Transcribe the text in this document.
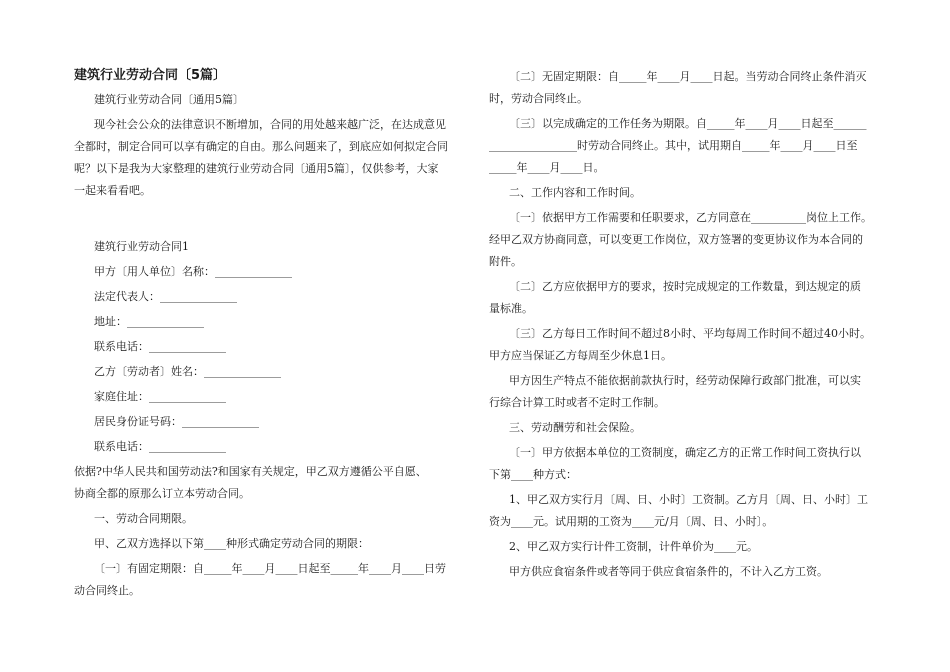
建筑行业劳动合同〔5篇〕
建筑行业劳动合同〔通用5篇〕
现今社会公众的法律意识不断增加，合同的用处越来越广泛，在达成意见
全都时，制定合同可以享有确定的自由。那么问题来了，到底应如何拟定合同
呢？以下是我为大家整理的建筑行业劳动合同〔通用5篇〕，仅供参考，大家
一起来看看吧。
建筑行业劳动合同1
甲方〔用人单位〕名称：______________
法定代表人：______________
地址：______________
联系电话：______________
乙方〔劳动者〕姓名：______________
家庭住址：______________
居民身份证号码：______________
联系电话：______________
依据?中华人民共和国劳动法?和国家有关规定，甲乙双方遵循公平自愿、
协商全都的原那么订立本劳动合同。
一、劳动合同期限。
甲、乙双方选择以下第____种形式确定劳动合同的期限：
〔一〕有固定期限：自_____年____月____日起至_____年____月____日劳
动合同终止。
〔二〕无固定期限：自_____年____月____日起。当劳动合同终止条件消灭
时，劳动合同终止。
〔三〕以完成确定的工作任务为期限。自_____年____月____日起至______
________________时劳动合同终止。其中，试用期自_____年____月____日至
_____年____月____日。
二、工作内容和工作时间。
〔一〕依据甲方工作需要和任职要求，乙方同意在__________岗位上工作。
经甲乙双方协商同意，可以变更工作岗位，双方签署的变更协议作为本合同的
附件。
〔二〕乙方应依据甲方的要求，按时完成规定的工作数量，到达规定的质
量标准。
〔三〕乙方每日工作时间不超过8小时、平均每周工作时间不超过40小时。
甲方应当保证乙方每周至少休息1日。
甲方因生产特点不能依据前款执行时，经劳动保障行政部门批准，可以实
行综合计算工时或者不定时工作制。
三、劳动酬劳和社会保险。
〔一〕甲方依据本单位的工资制度，确定乙方的正常工作时间工资执行以
下第____种方式：
1、甲乙双方实行月〔周、日、小时〕工资制。乙方月〔周、日、小时〕工
资为____元。试用期的工资为____元/月〔周、日、小时〕。
2、甲乙双方实行计件工资制，计件单价为____元。
甲方供应食宿条件或者等同于供应食宿条件的，不计入乙方工资。
